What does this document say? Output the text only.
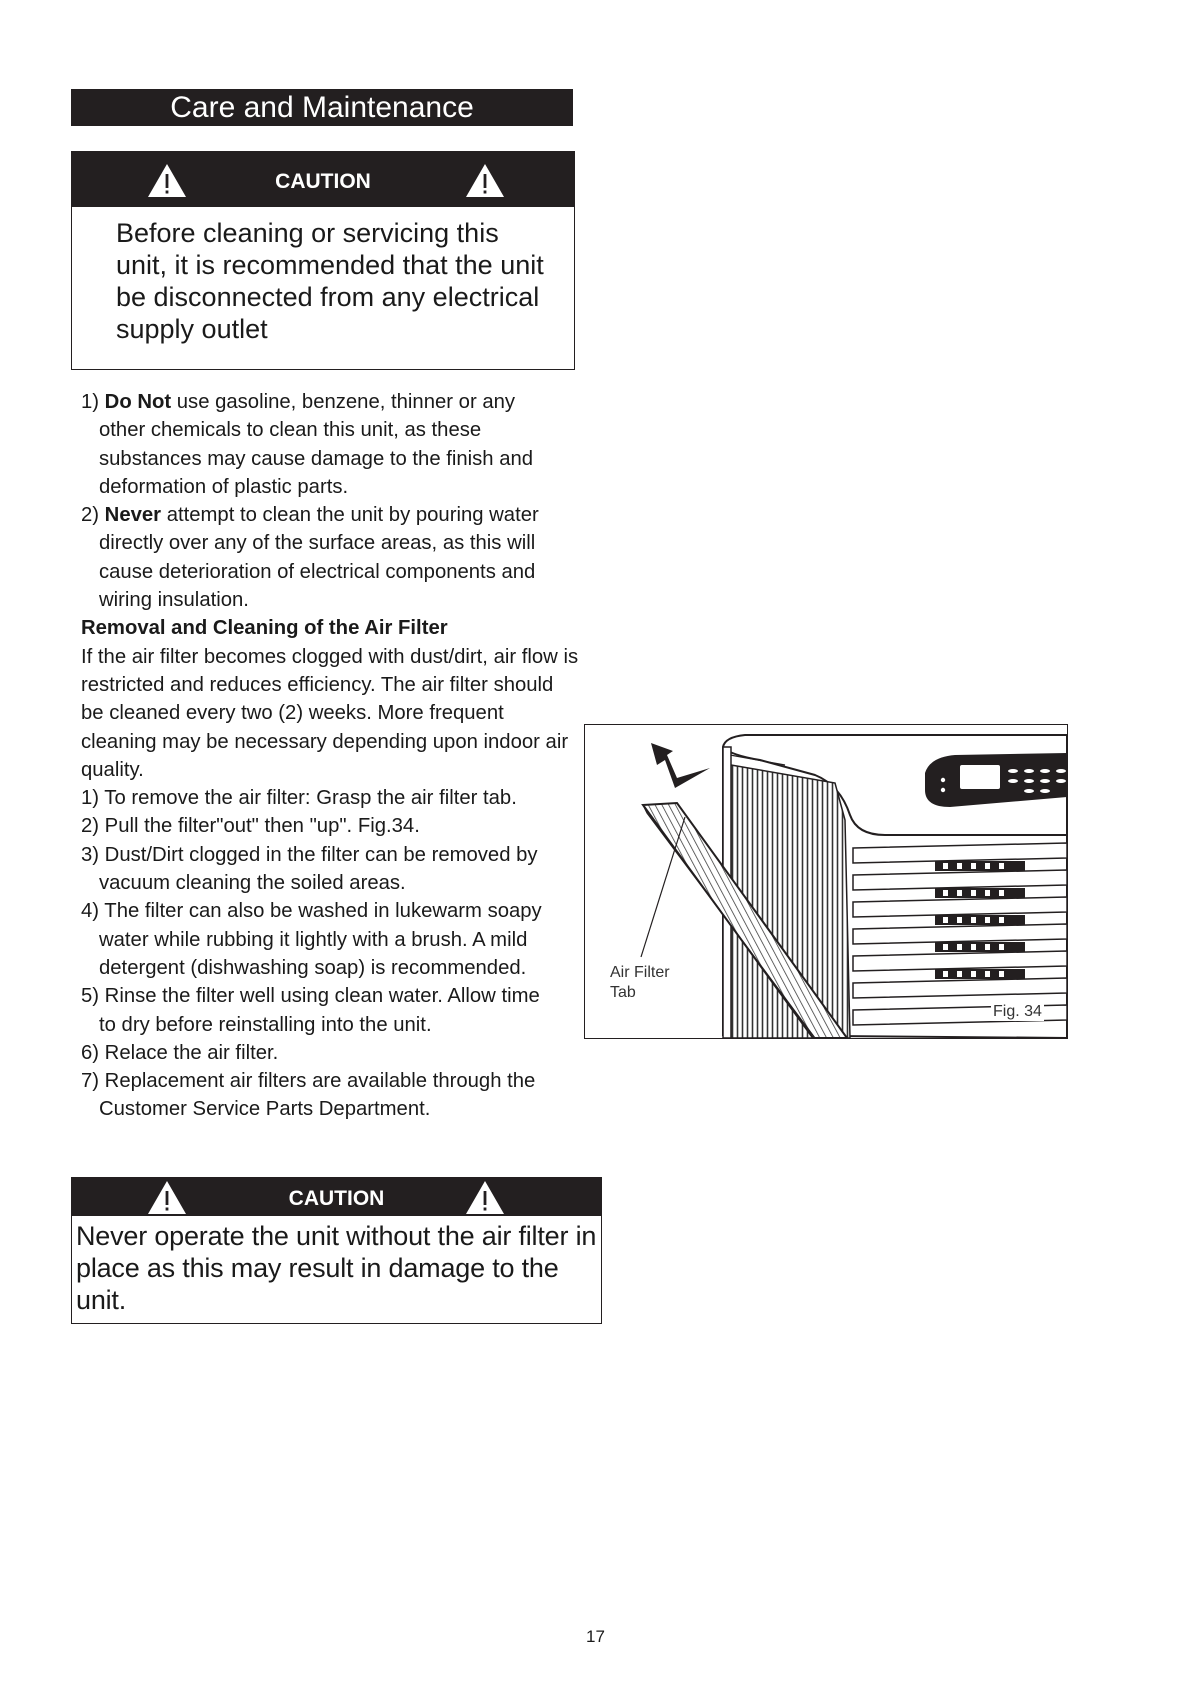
Care and Maintenance
CAUTION
Before cleaning or servicing this unit, it is recommended that the unit be disconnected from any electrical supply outlet

1) Do Not use gasoline, benzene, thinner or any

other chemicals to clean this unit, as these substances may cause damage to the finish and deformation of plastic parts.

2) Never attempt to clean the unit by pouring water

directly over any of the surface areas, as this will cause deterioration of electrical components and wiring insulation.

Removal and Cleaning of the Air Filter

If the air filter becomes clogged with dust/dirt, air flow is restricted and reduces efficiency. The air filter should be cleaned every two (2) weeks. More frequent cleaning may be necessary depending upon indoor air quality.

1) To remove the air filter: Grasp the air filter tab.

2) Pull the filter"out" then "up". Fig.34.

3) Dust/Dirt clogged in the filter can be removed by

vacuum cleaning the soiled areas.

4) The filter can also be washed in lukewarm soapy

water while rubbing it lightly with a brush. A mild detergent (dishwashing soap) is recommended.

5) Rinse the filter well using clean water. Allow time

to dry before reinstalling into the unit.

6) Relace the air filter.

7) Replacement air filters are available through the

Customer Service Parts Department.

Air Filter
Tab
Fig. 34
CAUTION
Never operate the unit without the air filter in place as this may result in damage to the unit.
17
